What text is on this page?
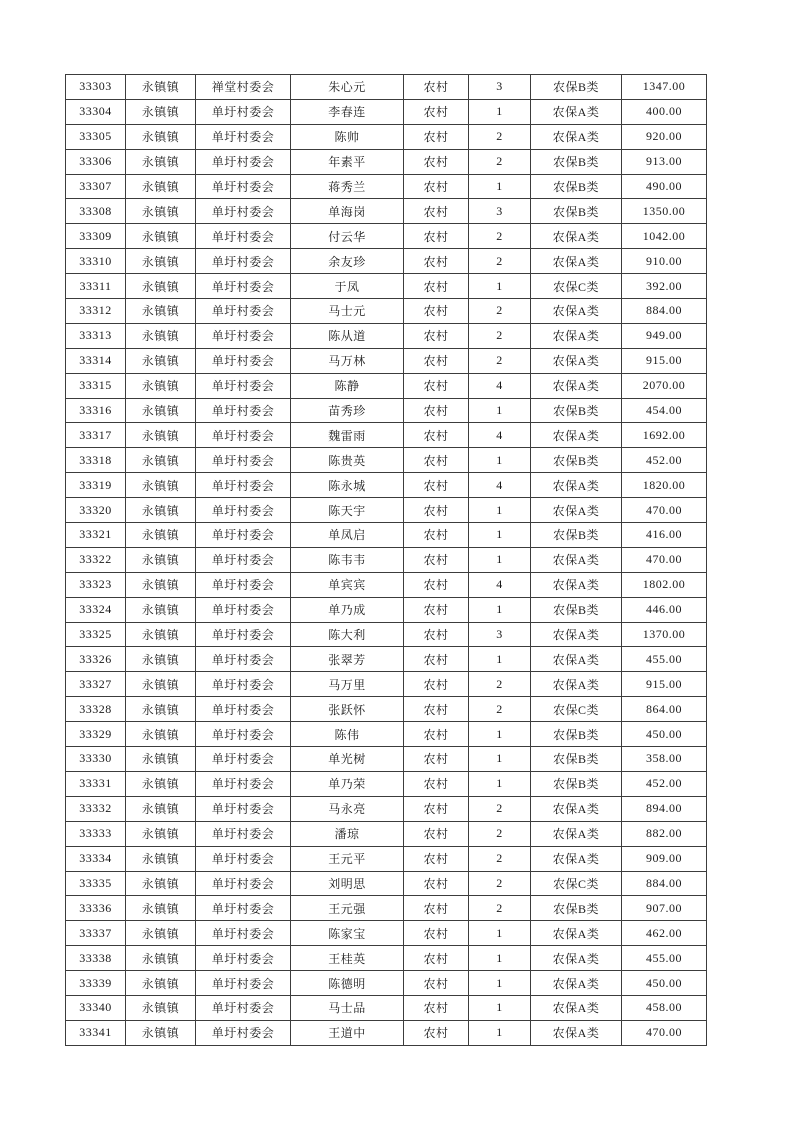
33303	永镇镇	禅堂村委会	朱心元	农村	3	农保B类	1347.00
33304	永镇镇	单圩村委会	李春连	农村	1	农保A类	400.00
33305	永镇镇	单圩村委会	陈帅	农村	2	农保A类	920.00
33306	永镇镇	单圩村委会	年素平	农村	2	农保B类	913.00
33307	永镇镇	单圩村委会	蒋秀兰	农村	1	农保B类	490.00
33308	永镇镇	单圩村委会	单海岗	农村	3	农保B类	1350.00
33309	永镇镇	单圩村委会	付云华	农村	2	农保A类	1042.00
33310	永镇镇	单圩村委会	余友珍	农村	2	农保A类	910.00
33311	永镇镇	单圩村委会	于凤	农村	1	农保C类	392.00
33312	永镇镇	单圩村委会	马士元	农村	2	农保A类	884.00
33313	永镇镇	单圩村委会	陈从道	农村	2	农保A类	949.00
33314	永镇镇	单圩村委会	马万林	农村	2	农保A类	915.00
33315	永镇镇	单圩村委会	陈静	农村	4	农保A类	2070.00
33316	永镇镇	单圩村委会	苗秀珍	农村	1	农保B类	454.00
33317	永镇镇	单圩村委会	魏雷雨	农村	4	农保A类	1692.00
33318	永镇镇	单圩村委会	陈贵英	农村	1	农保B类	452.00
33319	永镇镇	单圩村委会	陈永城	农村	4	农保A类	1820.00
33320	永镇镇	单圩村委会	陈天宇	农村	1	农保A类	470.00
33321	永镇镇	单圩村委会	单凤启	农村	1	农保B类	416.00
33322	永镇镇	单圩村委会	陈韦韦	农村	1	农保A类	470.00
33323	永镇镇	单圩村委会	单宾宾	农村	4	农保A类	1802.00
33324	永镇镇	单圩村委会	单乃成	农村	1	农保B类	446.00
33325	永镇镇	单圩村委会	陈大利	农村	3	农保A类	1370.00
33326	永镇镇	单圩村委会	张翠芳	农村	1	农保A类	455.00
33327	永镇镇	单圩村委会	马万里	农村	2	农保A类	915.00
33328	永镇镇	单圩村委会	张跃怀	农村	2	农保C类	864.00
33329	永镇镇	单圩村委会	陈伟	农村	1	农保B类	450.00
33330	永镇镇	单圩村委会	单光树	农村	1	农保B类	358.00
33331	永镇镇	单圩村委会	单乃荣	农村	1	农保B类	452.00
33332	永镇镇	单圩村委会	马永亮	农村	2	农保A类	894.00
33333	永镇镇	单圩村委会	潘琼	农村	2	农保A类	882.00
33334	永镇镇	单圩村委会	王元平	农村	2	农保A类	909.00
33335	永镇镇	单圩村委会	刘明思	农村	2	农保C类	884.00
33336	永镇镇	单圩村委会	王元强	农村	2	农保B类	907.00
33337	永镇镇	单圩村委会	陈家宝	农村	1	农保A类	462.00
33338	永镇镇	单圩村委会	王桂英	农村	1	农保A类	455.00
33339	永镇镇	单圩村委会	陈德明	农村	1	农保A类	450.00
33340	永镇镇	单圩村委会	马士品	农村	1	农保A类	458.00
33341	永镇镇	单圩村委会	王道中	农村	1	农保A类	470.00
